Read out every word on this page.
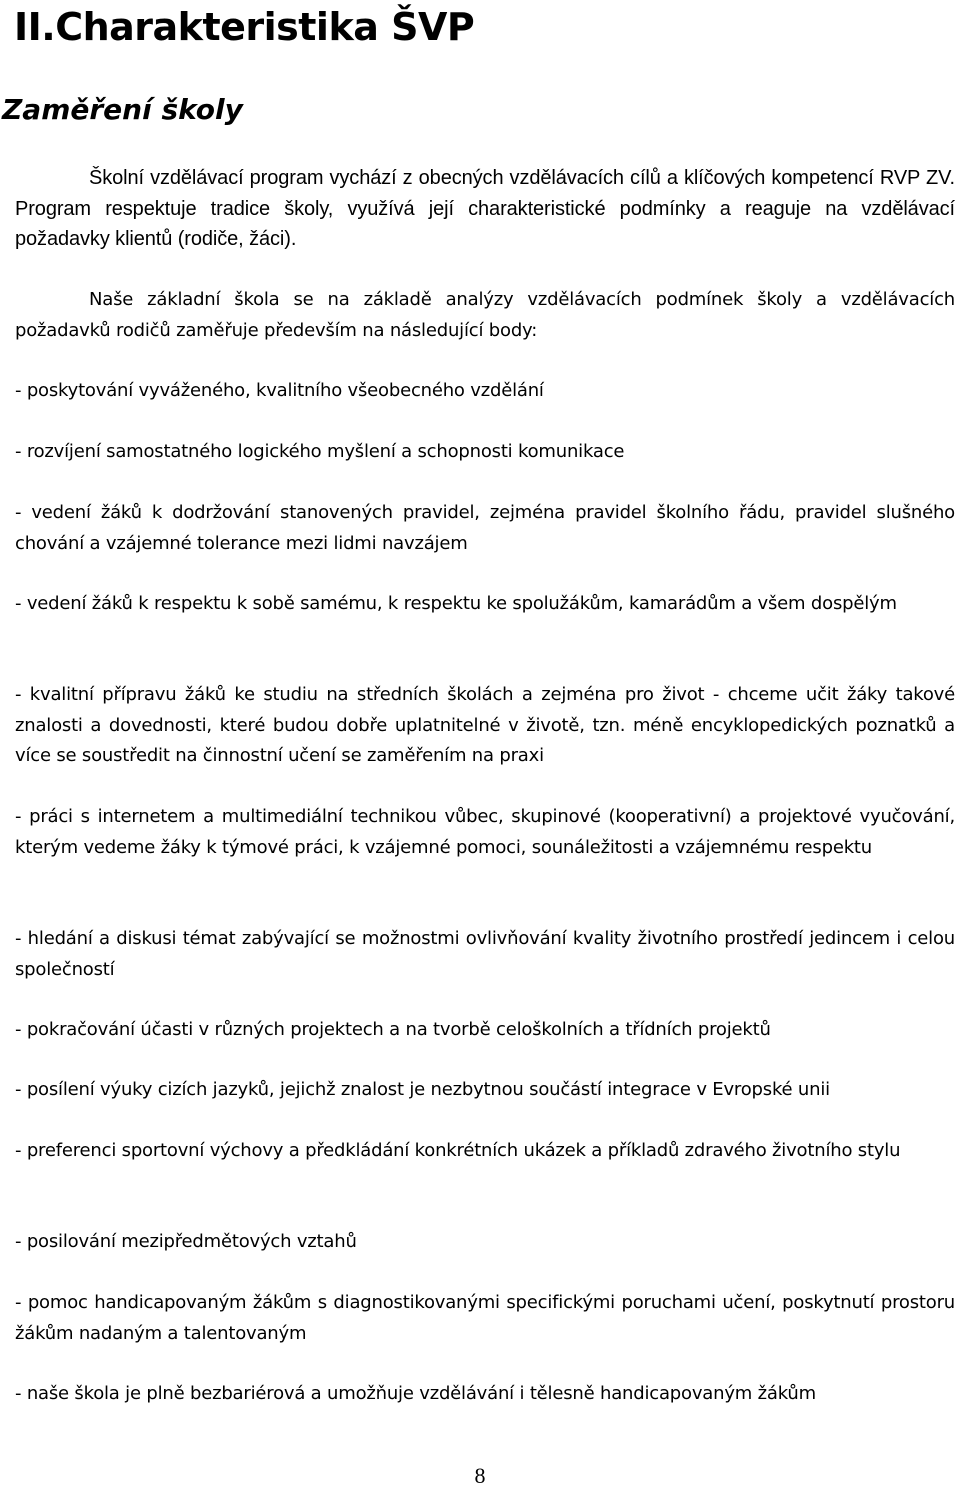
II.Charakteristika ŠVP
Zaměření školy

Školní vzdělávací program vychází z obecných vzdělávacích cílů a klíčových kompetencí RVP ZV. Program respektuje tradice školy, využívá její charakteristické podmínky a reaguje na vzdělávací požadavky klientů (rodiče, žáci).

Naše základní škola se na základě analýzy vzdělávacích podmínek školy a vzdělávacích požadavků rodičů zaměřuje především na následující body:

- poskytování vyváženého, kvalitního všeobecného vzdělání

- rozvíjení samostatného logického myšlení a schopnosti komunikace

- vedení žáků k dodržování stanovených pravidel, zejména pravidel školního řádu, pravidel slušného chování a vzájemné tolerance mezi lidmi navzájem

- vedení žáků k respektu k sobě samému, k respektu ke spolužákům, kamarádům a všem dospělým

- kvalitní přípravu žáků ke studiu na středních školách a zejména pro život - chceme učit žáky takové znalosti a dovednosti, které budou dobře uplatnitelné v životě, tzn. méně encyklopedických poznatků a více se soustředit na činnostní učení se zaměřením na praxi

- práci s internetem a multimediální technikou vůbec, skupinové (kooperativní) a projektové vyučování, kterým vedeme žáky k týmové práci, k vzájemné pomoci, sounáležitosti a vzájemnému respektu

- hledání a diskusi témat zabývající se možnostmi ovlivňování kvality životního prostředí jedincem i celou společností

- pokračování účasti v různých projektech a na tvorbě celoškolních a třídních projektů

- posílení výuky cizích jazyků, jejichž znalost je nezbytnou součástí integrace v Evropské unii

- preferenci sportovní výchovy a předkládání konkrétních ukázek a příkladů zdravého životního stylu

- posilování mezipředmětových vztahů

- pomoc handicapovaným žákům s diagnostikovanými specifickými poruchami učení, poskytnutí prostoru žákům nadaným a talentovaným

- naše škola je plně bezbariérová a umožňuje vzdělávání i tělesně handicapovaným žákům

8
